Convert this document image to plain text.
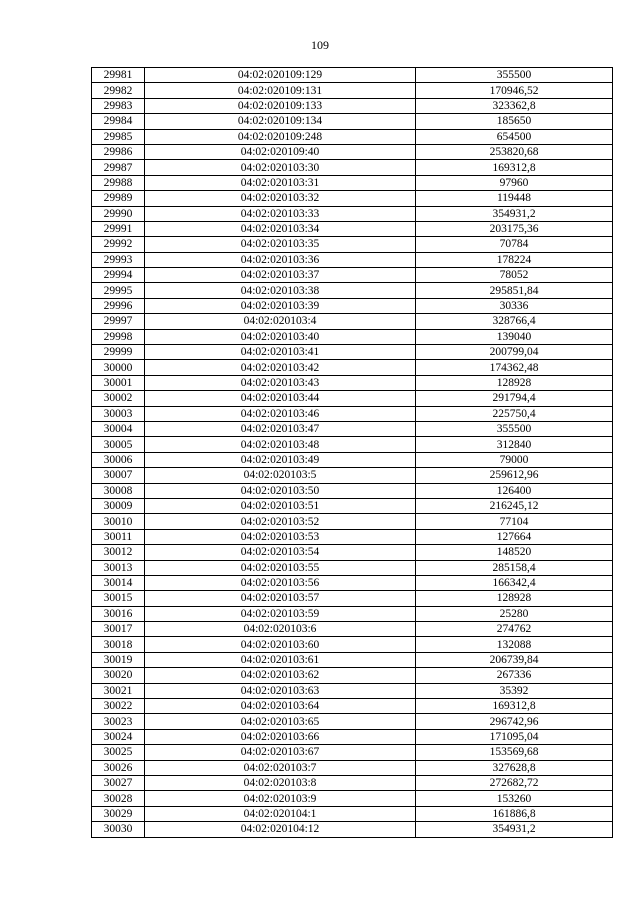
109
29981	04:02:020109:129	355500
29982	04:02:020109:131	170946,52
29983	04:02:020109:133	323362,8
29984	04:02:020109:134	185650
29985	04:02:020109:248	654500
29986	04:02:020109:40	253820,68
29987	04:02:020103:30	169312,8
29988	04:02:020103:31	97960
29989	04:02:020103:32	119448
29990	04:02:020103:33	354931,2
29991	04:02:020103:34	203175,36
29992	04:02:020103:35	70784
29993	04:02:020103:36	178224
29994	04:02:020103:37	78052
29995	04:02:020103:38	295851,84
29996	04:02:020103:39	30336
29997	04:02:020103:4	328766,4
29998	04:02:020103:40	139040
29999	04:02:020103:41	200799,04
30000	04:02:020103:42	174362,48
30001	04:02:020103:43	128928
30002	04:02:020103:44	291794,4
30003	04:02:020103:46	225750,4
30004	04:02:020103:47	355500
30005	04:02:020103:48	312840
30006	04:02:020103:49	79000
30007	04:02:020103:5	259612,96
30008	04:02:020103:50	126400
30009	04:02:020103:51	216245,12
30010	04:02:020103:52	77104
30011	04:02:020103:53	127664
30012	04:02:020103:54	148520
30013	04:02:020103:55	285158,4
30014	04:02:020103:56	166342,4
30015	04:02:020103:57	128928
30016	04:02:020103:59	25280
30017	04:02:020103:6	274762
30018	04:02:020103:60	132088
30019	04:02:020103:61	206739,84
30020	04:02:020103:62	267336
30021	04:02:020103:63	35392
30022	04:02:020103:64	169312,8
30023	04:02:020103:65	296742,96
30024	04:02:020103:66	171095,04
30025	04:02:020103:67	153569,68
30026	04:02:020103:7	327628,8
30027	04:02:020103:8	272682,72
30028	04:02:020103:9	153260
30029	04:02:020104:1	161886,8
30030	04:02:020104:12	354931,2
